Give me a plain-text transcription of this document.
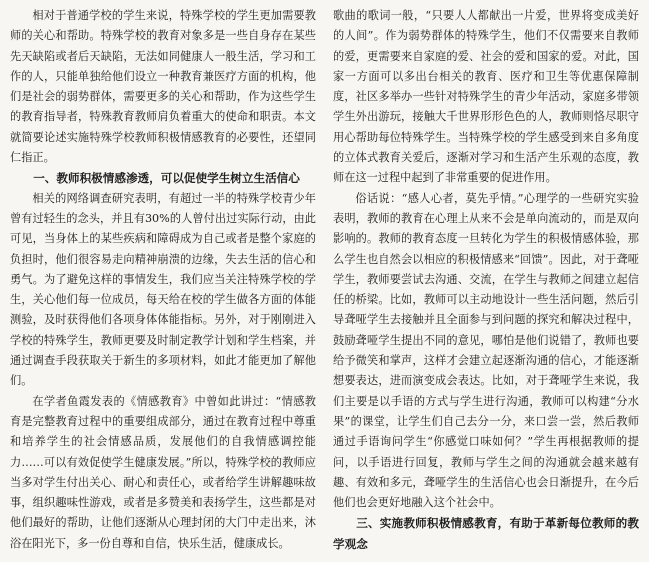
相对于普通学校的学生来说，特殊学校的学生更加需要教师的关心和帮助。特殊学校的教育对象多是一些自身存在某些先天缺陷或者后天缺陷，无法如同健康人一般生活，学习和工作的人，只能单独给他们设立一种教育兼医疗方面的机构，他们是社会的弱势群体，需要更多的关心和帮助，作为这些学生的教育指导者，特殊教育教师肩负着重大的使命和职责。本文就简要论述实施特殊学校教师积极情感教育的必要性，还望同仁指正。

一、教师积极情感渗透，可以促使学生树立生活信心

相关的网络调查研究表明，有超过一半的特殊学校青少年曾有过轻生的念头，并且有30%的人曾付出过实际行动，由此可见，当身体上的某些疾病和障碍成为自己或者是整个家庭的负担时，他们很容易走向精神崩溃的边缘，失去生活的信心和勇气。为了避免这样的事情发生，我们应当关注特殊学校的学生，关心他们每一位成员，每天给在校的学生做各方面的体能测验，及时获得他们各项身体体能指标。另外，对于刚刚进入学校的特殊学生，教师更要及时制定教学计划和学生档案，并通过调查手段获取关于新生的多项材料，如此才能更加了解他们。

在学者鱼霞发表的《情感教育》中曾如此讲过：“情感教育是完整教育过程中的重要组成部分，通过在教育过程中尊重和培养学生的社会情感品质，发展他们的自我情感调控能力……可以有效促使学生健康发展。”所以，特殊学校的教师应当多对学生付出关心、耐心和责任心，或者给学生讲解趣味故事，组织趣味性游戏，或者是多赞美和表扬学生，这些都是对他们最好的帮助，让他们逐渐从心理封闭的大门中走出来，沐浴在阳光下，多一份自尊和自信，快乐生活，健康成长。

歌曲的歌词一般，“只要人人都献出一片爱，世界将变成美好的人间”。作为弱势群体的特殊学生，他们不仅需要来自教师的爱，更需要来自家庭的爱、社会的爱和国家的爱。对此，国家一方面可以多出台相关的教育、医疗和卫生等优惠保障制度，社区多举办一些针对特殊学生的青少年活动，家庭多带领学生外出游玩，接触大千世界形形色色的人，教师则恪尽职守用心帮助每位特殊学生。当特殊学校的学生感受到来自多角度的立体式教育关爱后，逐渐对学习和生活产生乐观的态度，教师在这一过程中起到了非常重要的促进作用。

俗话说：“感人心者，莫先乎情。”心理学的一些研究实验表明，教师的教育在心理上从来不会是单向流动的，而是双向影响的。教师的教育态度一旦转化为学生的积极情感体验，那么学生也自然会以相应的积极情感来“回馈”。因此，对于聋哑学生，教师要尝试去沟通、交流，在学生与教师之间建立起信任的桥梁。比如，教师可以主动地设计一些生活问题，然后引导聋哑学生去接触并且全面参与到问题的探究和解决过程中，鼓励聋哑学生提出不同的意见，哪怕是他们说错了，教师也要给予微笑和掌声，这样才会建立起逐渐沟通的信心，才能逐渐想要表达，进而演变成会表达。比如，对于聋哑学生来说，我们主要是以手语的方式与学生进行沟通，教师可以构建“分水果”的课堂，让学生们自己去分一分，来口尝一尝，然后教师通过手语询问学生“你感觉口味如何？”学生再根据教师的提问，以手语进行回复，教师与学生之间的沟通就会越来越有趣、有效和多元，聋哑学生的生活信心也会日渐提升，在今后他们也会更好地融入这个社会中。

三、实施教师积极情感教育，有助于革新每位教师的教学观念
